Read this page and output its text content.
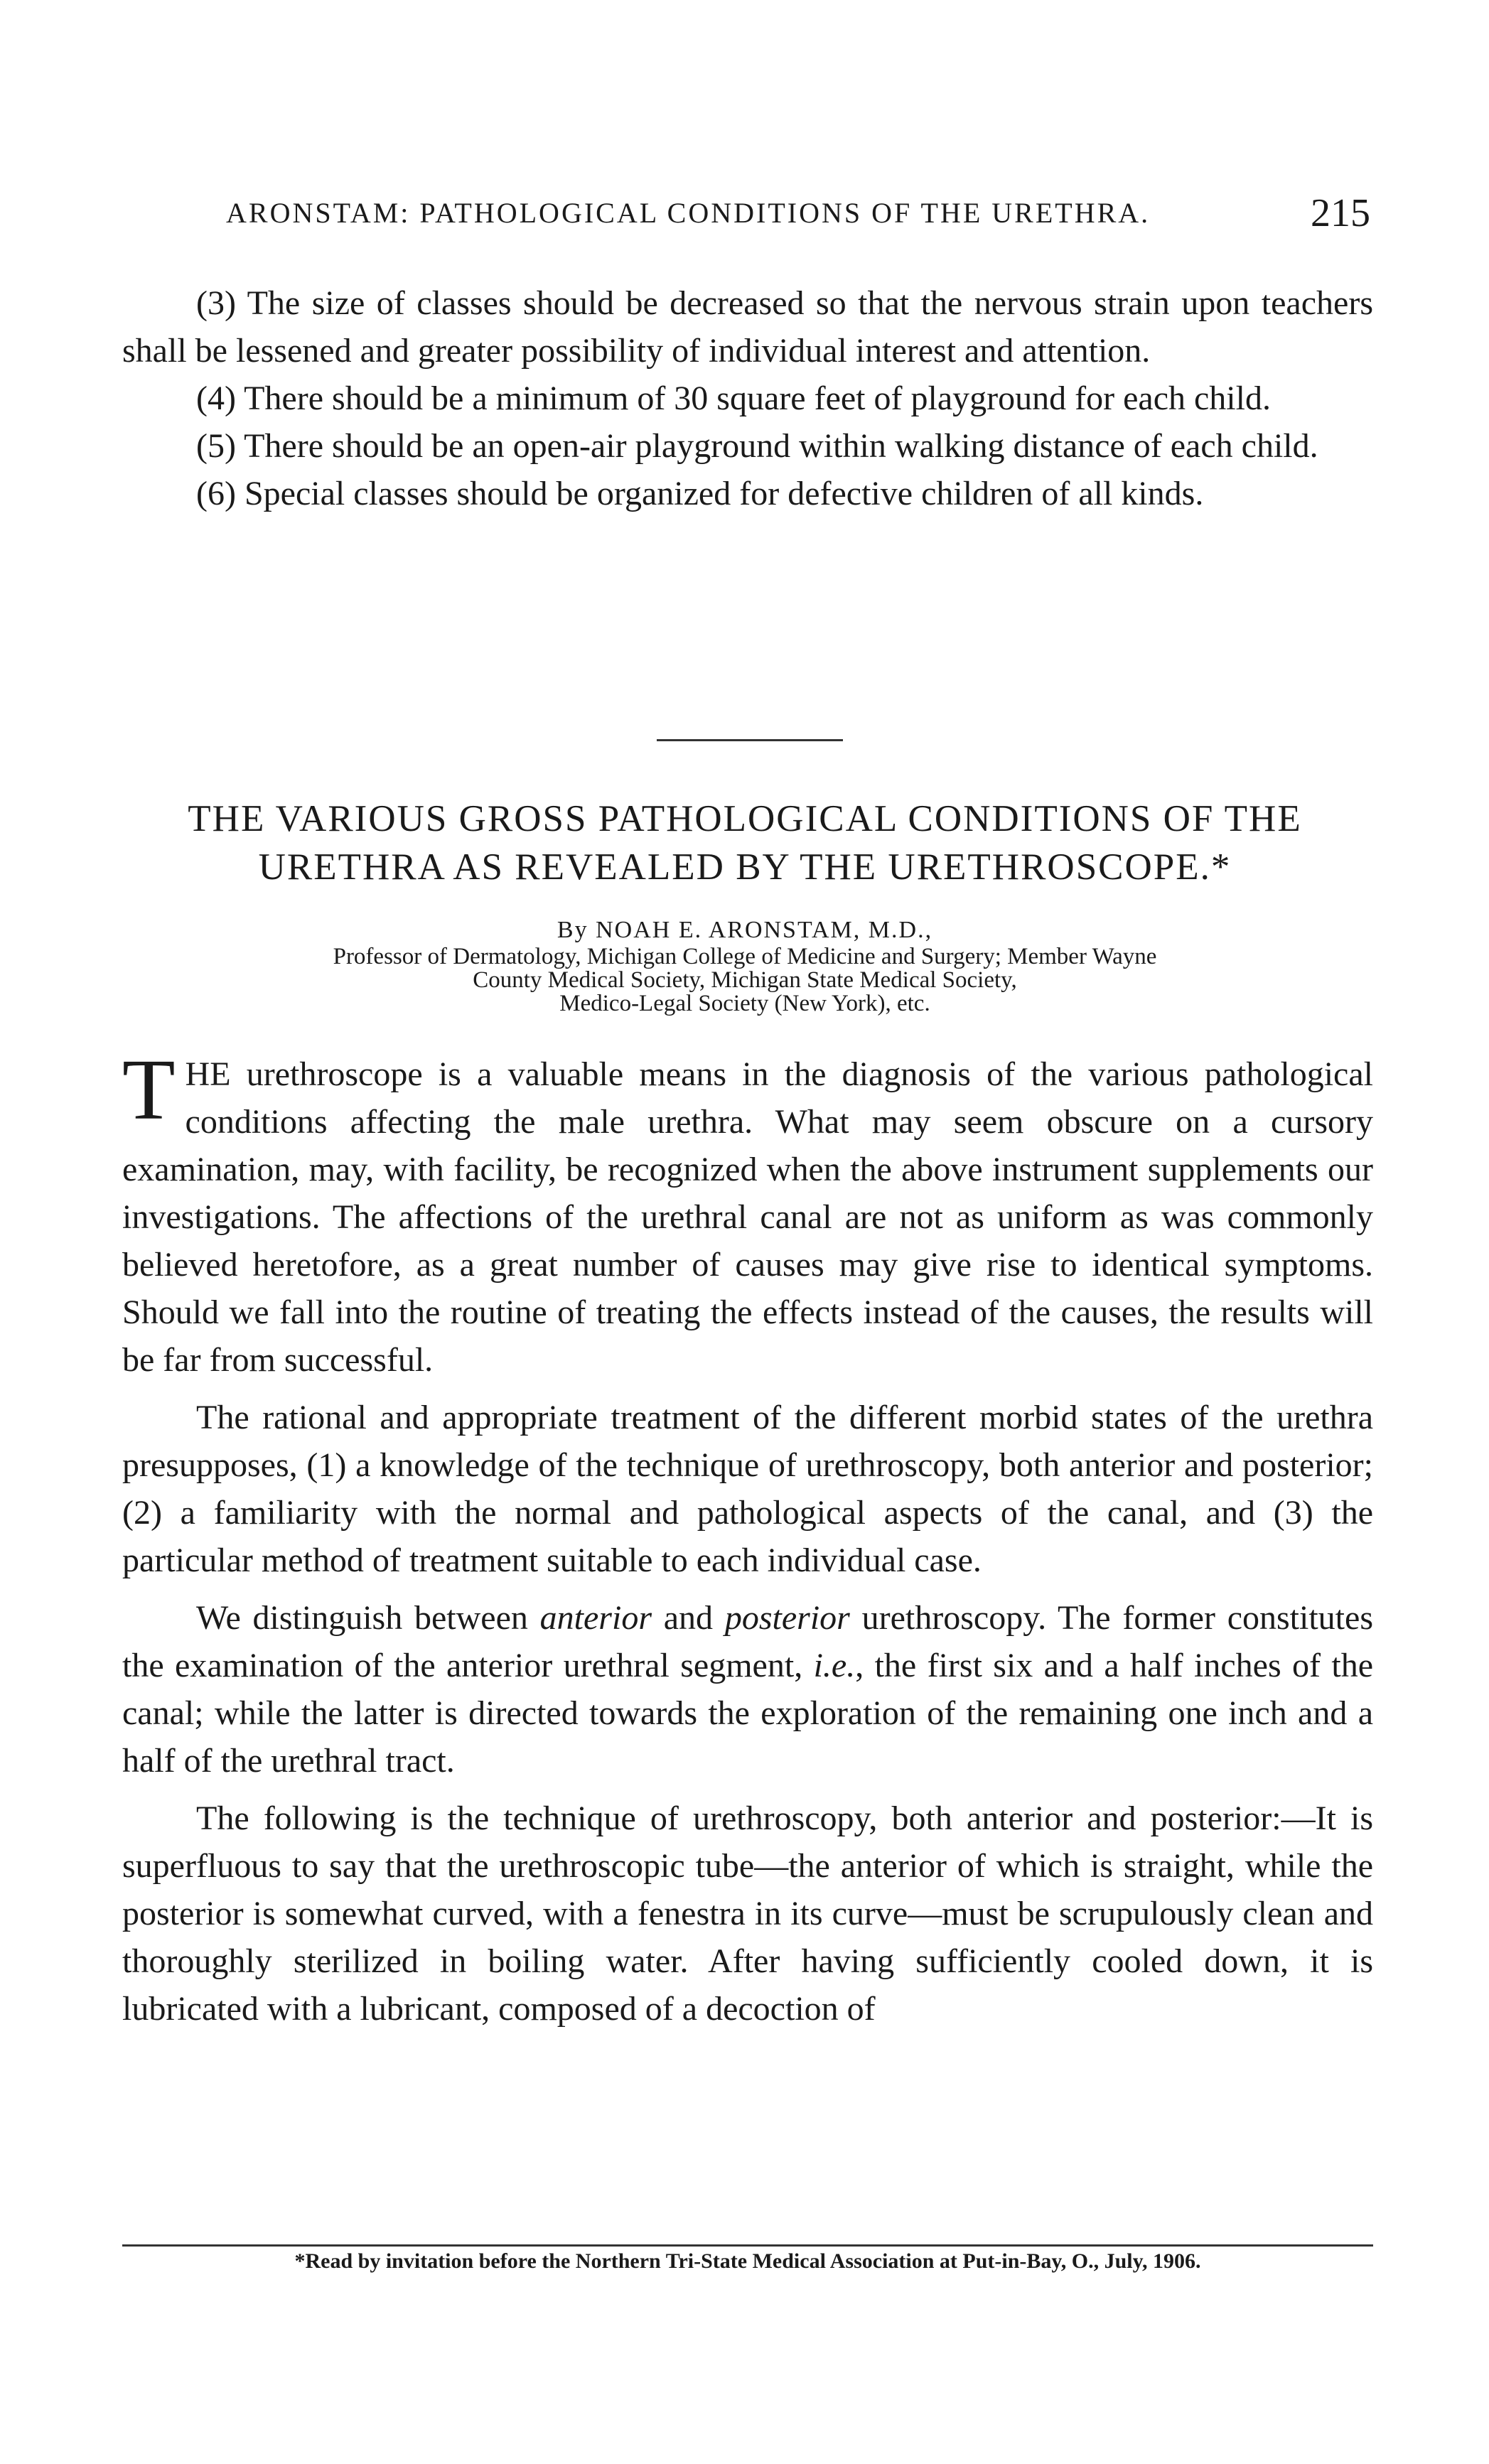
ARONSTAM: PATHOLOGICAL CONDITIONS OF THE URETHRA.	215

(3) The size of classes should be decreased so that the nervous strain upon teachers shall be lessened and greater possibility of individual interest and attention.

(4) There should be a minimum of 30 square feet of playground for each child.

(5) There should be an open-air playground within walking distance of each child.

(6) Special classes should be organized for defective children of all kinds.

THE VARIOUS GROSS PATHOLOGICAL CONDITIONS OF THE
URETHRA AS REVEALED BY THE URETHROSCOPE.*
By NOAH E. ARONSTAM, M.D.,
Professor of Dermatology, Michigan College of Medicine and Surgery; Member Wayne
County Medical Society, Michigan State Medical Society,
Medico-Legal Society (New York), etc.

THE urethroscope is a valuable means in the diagnosis of the various pathological conditions affecting the male urethra. What may seem obscure on a cursory examination, may, with facility, be recognized when the above instrument supplements our investigations. The affections of the urethral canal are not as uniform as was commonly believed heretofore, as a great number of causes may give rise to identical symptoms. Should we fall into the routine of treating the effects instead of the causes, the results will be far from successful.

The rational and appropriate treatment of the different morbid states of the urethra presupposes, (1) a knowledge of the technique of urethroscopy, both anterior and posterior; (2) a familiarity with the normal and pathological aspects of the canal, and (3) the particular method of treatment suitable to each individual case.

We distinguish between anterior and posterior urethroscopy. The former constitutes the examination of the anterior urethral segment, i.e., the first six and a half inches of the canal; while the latter is directed towards the exploration of the remaining one inch and a half of the urethral tract.

The following is the technique of urethroscopy, both anterior and posterior:—It is superfluous to say that the urethroscopic tube—the anterior of which is straight, while the posterior is somewhat curved, with a fenestra in its curve—must be scrupulously clean and thoroughly sterilized in boiling water. After having sufficiently cooled down, it is lubricated with a lubricant, composed of a decoction of

*Read by invitation before the Northern Tri-State Medical Association at Put-in-Bay, O., July, 1906.
